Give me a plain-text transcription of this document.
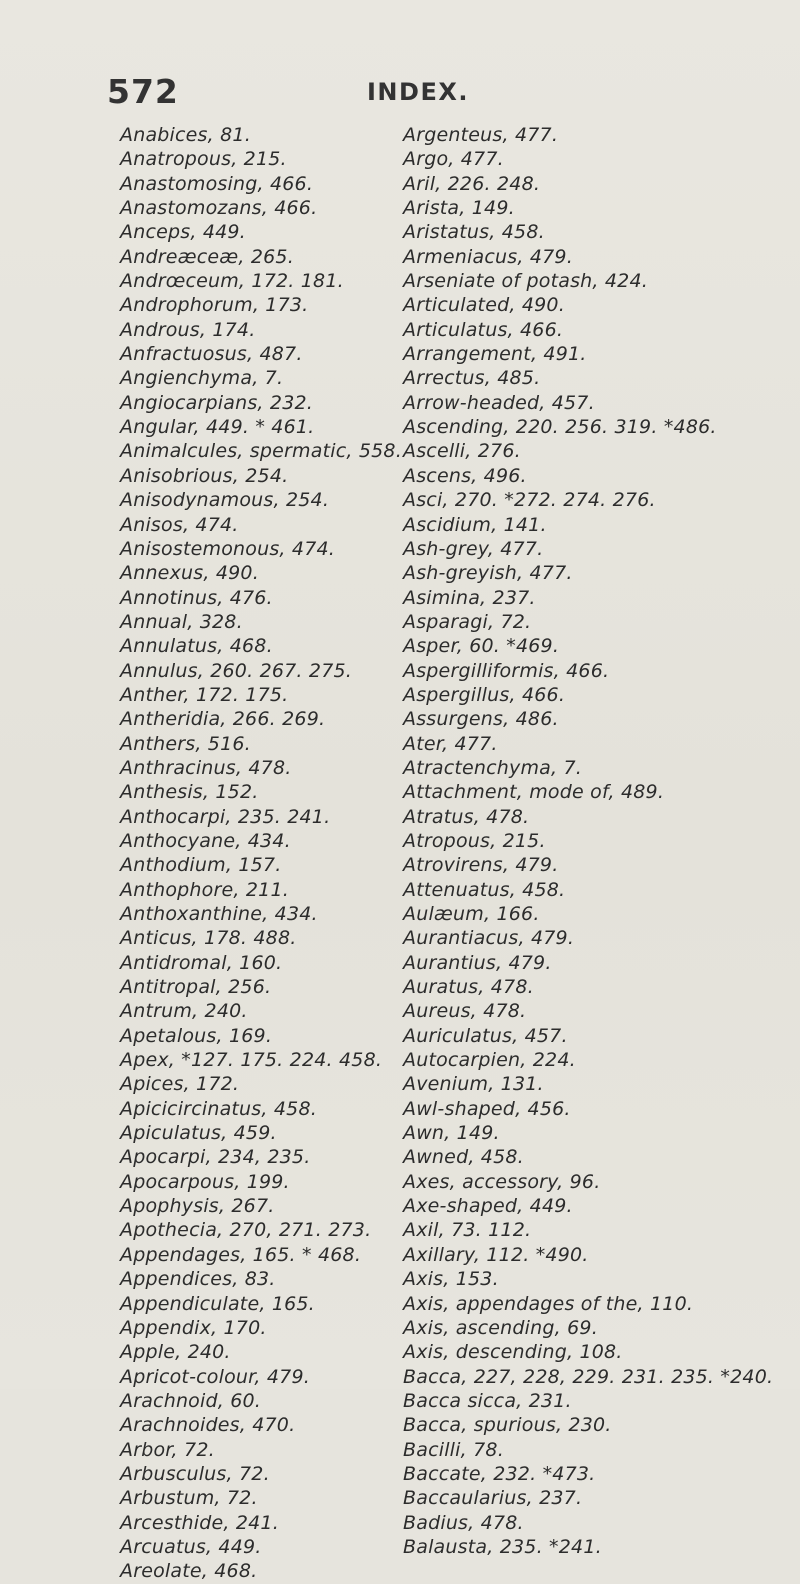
572	INDEX.
Anabices, 81.
Anatropous, 215.
Anastomosing, 466.
Anastomozans, 466.
Anceps, 449.
Andreæceæ, 265.
Andrœceum, 172. 181.
Androphorum, 173.
Androus, 174.
Anfractuosus, 487.
Angienchyma, 7.
Angiocarpians, 232.
Angular, 449. * 461.
Animalcules, spermatic, 558.
Anisobrious, 254.
Anisodynamous, 254.
Anisos, 474.
Anisostemonous, 474.
Annexus, 490.
Annotinus, 476.
Annual, 328.
Annulatus, 468.
Annulus, 260. 267. 275.
Anther, 172. 175.
Antheridia, 266. 269.
Anthers, 516.
Anthracinus, 478.
Anthesis, 152.
Anthocarpi, 235. 241.
Anthocyane, 434.
Anthodium, 157.
Anthophore, 211.
Anthoxanthine, 434.
Anticus, 178. 488.
Antidromal, 160.
Antitropal, 256.
Antrum, 240.
Apetalous, 169.
Apex, *127. 175. 224. 458.
Apices, 172.
Apicicircinatus, 458.
Apiculatus, 459.
Apocarpi, 234, 235.
Apocarpous, 199.
Apophysis, 267.
Apothecia, 270, 271. 273.
Appendages, 165. * 468.
Appendices, 83.
Appendiculate, 165.
Appendix, 170.
Apple, 240.
Apricot-colour, 479.
Arachnoid, 60.
Arachnoides, 470.
Arbor, 72.
Arbusculus, 72.
Arbustum, 72.
Arcesthide, 241.
Arcuatus, 449.
Areolate, 468.
Argenteus, 477.
Argo, 477.
Aril, 226. 248.
Arista, 149.
Aristatus, 458.
Armeniacus, 479.
Arseniate of potash, 424.
Articulated, 490.
Articulatus, 466.
Arrangement, 491.
Arrectus, 485.
Arrow-headed, 457.
Ascending, 220. 256. 319. *486.
Ascelli, 276.
Ascens, 496.
Asci, 270. *272. 274. 276.
Ascidium, 141.
Ash-grey, 477.
Ash-greyish, 477.
Asimina, 237.
Asparagi, 72.
Asper, 60. *469.
Aspergilliformis, 466.
Aspergillus, 466.
Assurgens, 486.
Ater, 477.
Atractenchyma, 7.
Attachment, mode of, 489.
Atratus, 478.
Atropous, 215.
Atrovirens, 479.
Attenuatus, 458.
Aulæum, 166.
Aurantiacus, 479.
Aurantius, 479.
Auratus, 478.
Aureus, 478.
Auriculatus, 457.
Autocarpien, 224.
Avenium, 131.
Awl-shaped, 456.
Awn, 149.
Awned, 458.
Axes, accessory, 96.
Axe-shaped, 449.
Axil, 73. 112.
Axillary, 112. *490.
Axis, 153.
Axis, appendages of the, 110.
Axis, ascending, 69.
Axis, descending, 108.
Bacca, 227, 228, 229. 231. 235. *240.
Bacca sicca, 231.
Bacca, spurious, 230.
Bacilli, 78.
Baccate, 232. *473.
Baccaularius, 237.
Badius, 478.
Balausta, 235. *241.
